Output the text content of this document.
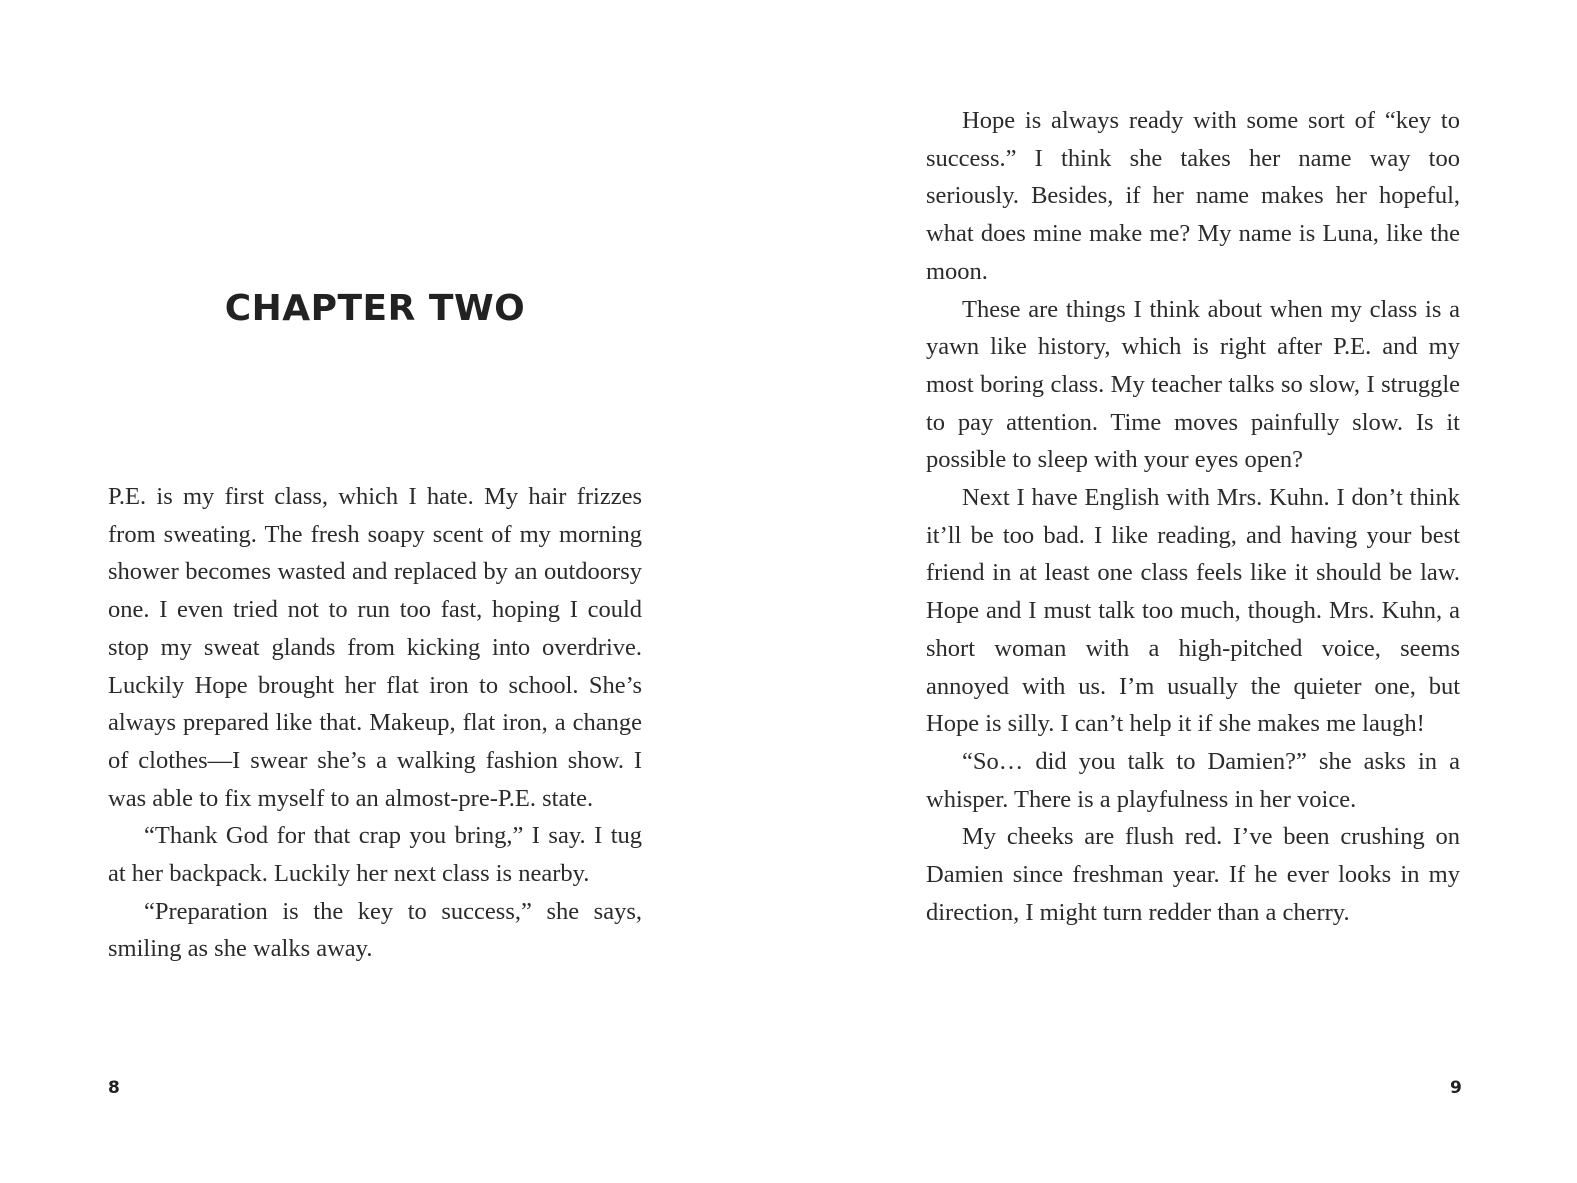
CHAPTER TWO

P.E. is my first class, which I hate. My hair frizzes from sweating. The fresh soapy scent of my morning shower becomes wasted and replaced by an outdoorsy one. I even tried not to run too fast, hoping I could stop my sweat glands from kicking into overdrive. Luckily Hope brought her flat iron to school. She’s always prepared like that. Makeup, flat iron, a change of clothes—I swear she’s a walking fashion show. I was able to fix myself to an almost-pre-P.E. state.

“Thank God for that crap you bring,” I say. I tug at her backpack. Luckily her next class is nearby.

“Preparation is the key to success,” she says, smiling as she walks away.

8

Hope is always ready with some sort of “key to success.” I think she takes her name way too seriously. Besides, if her name makes her hopeful, what does mine make me? My name is Luna, like the moon.

These are things I think about when my class is a yawn like history, which is right after P.E. and my most boring class. My teacher talks so slow, I struggle to pay attention. Time moves painfully slow. Is it possible to sleep with your eyes open?

Next I have English with Mrs. Kuhn. I don’t think it’ll be too bad. I like reading, and having your best friend in at least one class feels like it should be law. Hope and I must talk too much, though. Mrs. Kuhn, a short woman with a high-pitched voice, seems annoyed with us. I’m usually the quieter one, but Hope is silly. I can’t help it if she makes me laugh!

“So… did you talk to Damien?” she asks in a whisper. There is a playfulness in her voice.

My cheeks are flush red. I’ve been crushing on Damien since freshman year. If he ever looks in my direction, I might turn redder than a cherry.

9
